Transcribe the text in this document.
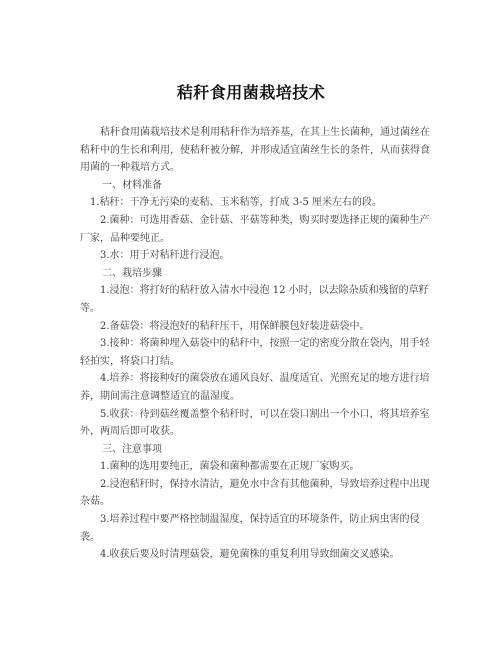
秸秆食用菌栽培技术

秸秆食用菌栽培技术是利用秸秆作为培养基，在其上生长菌种，通过菌丝在秸秆中的生长和利用，使秸秆被分解，并形成适宜菌丝生长的条件，从而获得食用菌的一种栽培方式。

一、材料准备

1.秸秆：干净无污染的麦秸、玉米秸等，打成 3-5 厘米左右的段。

2.菌种：可选用香菇、金针菇、平菇等种类，购买时要选择正规的菌种生产厂家，品种要纯正。

3.水：用于对秸秆进行浸泡。

二、栽培步骤

1.浸泡：将打好的秸秆放入清水中浸泡 12 小时，以去除杂质和残留的草籽等。

2.备菇袋：将浸泡好的秸秆压干，用保鲜膜包好装进菇袋中。

3.接种：将菌种埋入菇袋中的秸秆中，按照一定的密度分散在袋内，用手轻轻拍实，将袋口打结。

4.培养：将接种好的菌袋放在通风良好、温度适宜、光照充足的地方进行培养，期间需注意调整适宜的温湿度。

5.收获：待到菇丝覆盖整个秸秆时，可以在袋口割出一个小口，将其培养室外，两周后即可收获。

三、注意事项

1.菌种的选用要纯正，菌袋和菌种都需要在正规厂家购买。

2.浸泡秸秆时，保持水清洁，避免水中含有其他菌种，导致培养过程中出现杂菇。

3.培养过程中要严格控制温湿度，保持适宜的环境条件，防止病虫害的侵袭。

4.收获后要及时清理菇袋，避免菌株的重复利用导致细菌交叉感染。
